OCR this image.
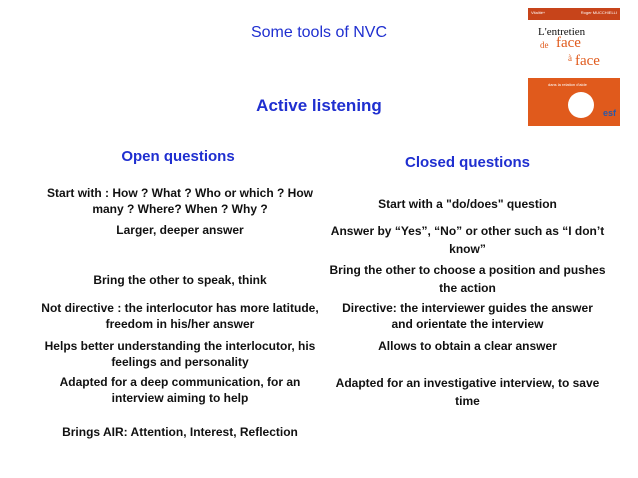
Some tools of NVC
Vitalité+	Roger MUCCHIELLI
L'entretien
de face
à face
dans la relation d'aide
esf
Active listening
Open questions
Start with : How ? What ? Who or which ? How many ? Where? When ? Why ?
Larger, deeper answer
Bring the other to speak, think
Not directive : the interlocutor has more latitude, freedom in his/her answer
Helps better understanding the interlocutor, his feelings and personality
Adapted for a deep communication, for an interview aiming to help
Brings AIR: Attention, Interest, Reflection
Closed questions
Start with a "do/does" question
Answer by “Yes”, “No” or other such as “I don’t know”
Bring the other to choose a position and pushes the action
Directive: the interviewer guides the answer and orientate the interview
Allows to obtain a clear answer
Adapted for an investigative interview, to save time
